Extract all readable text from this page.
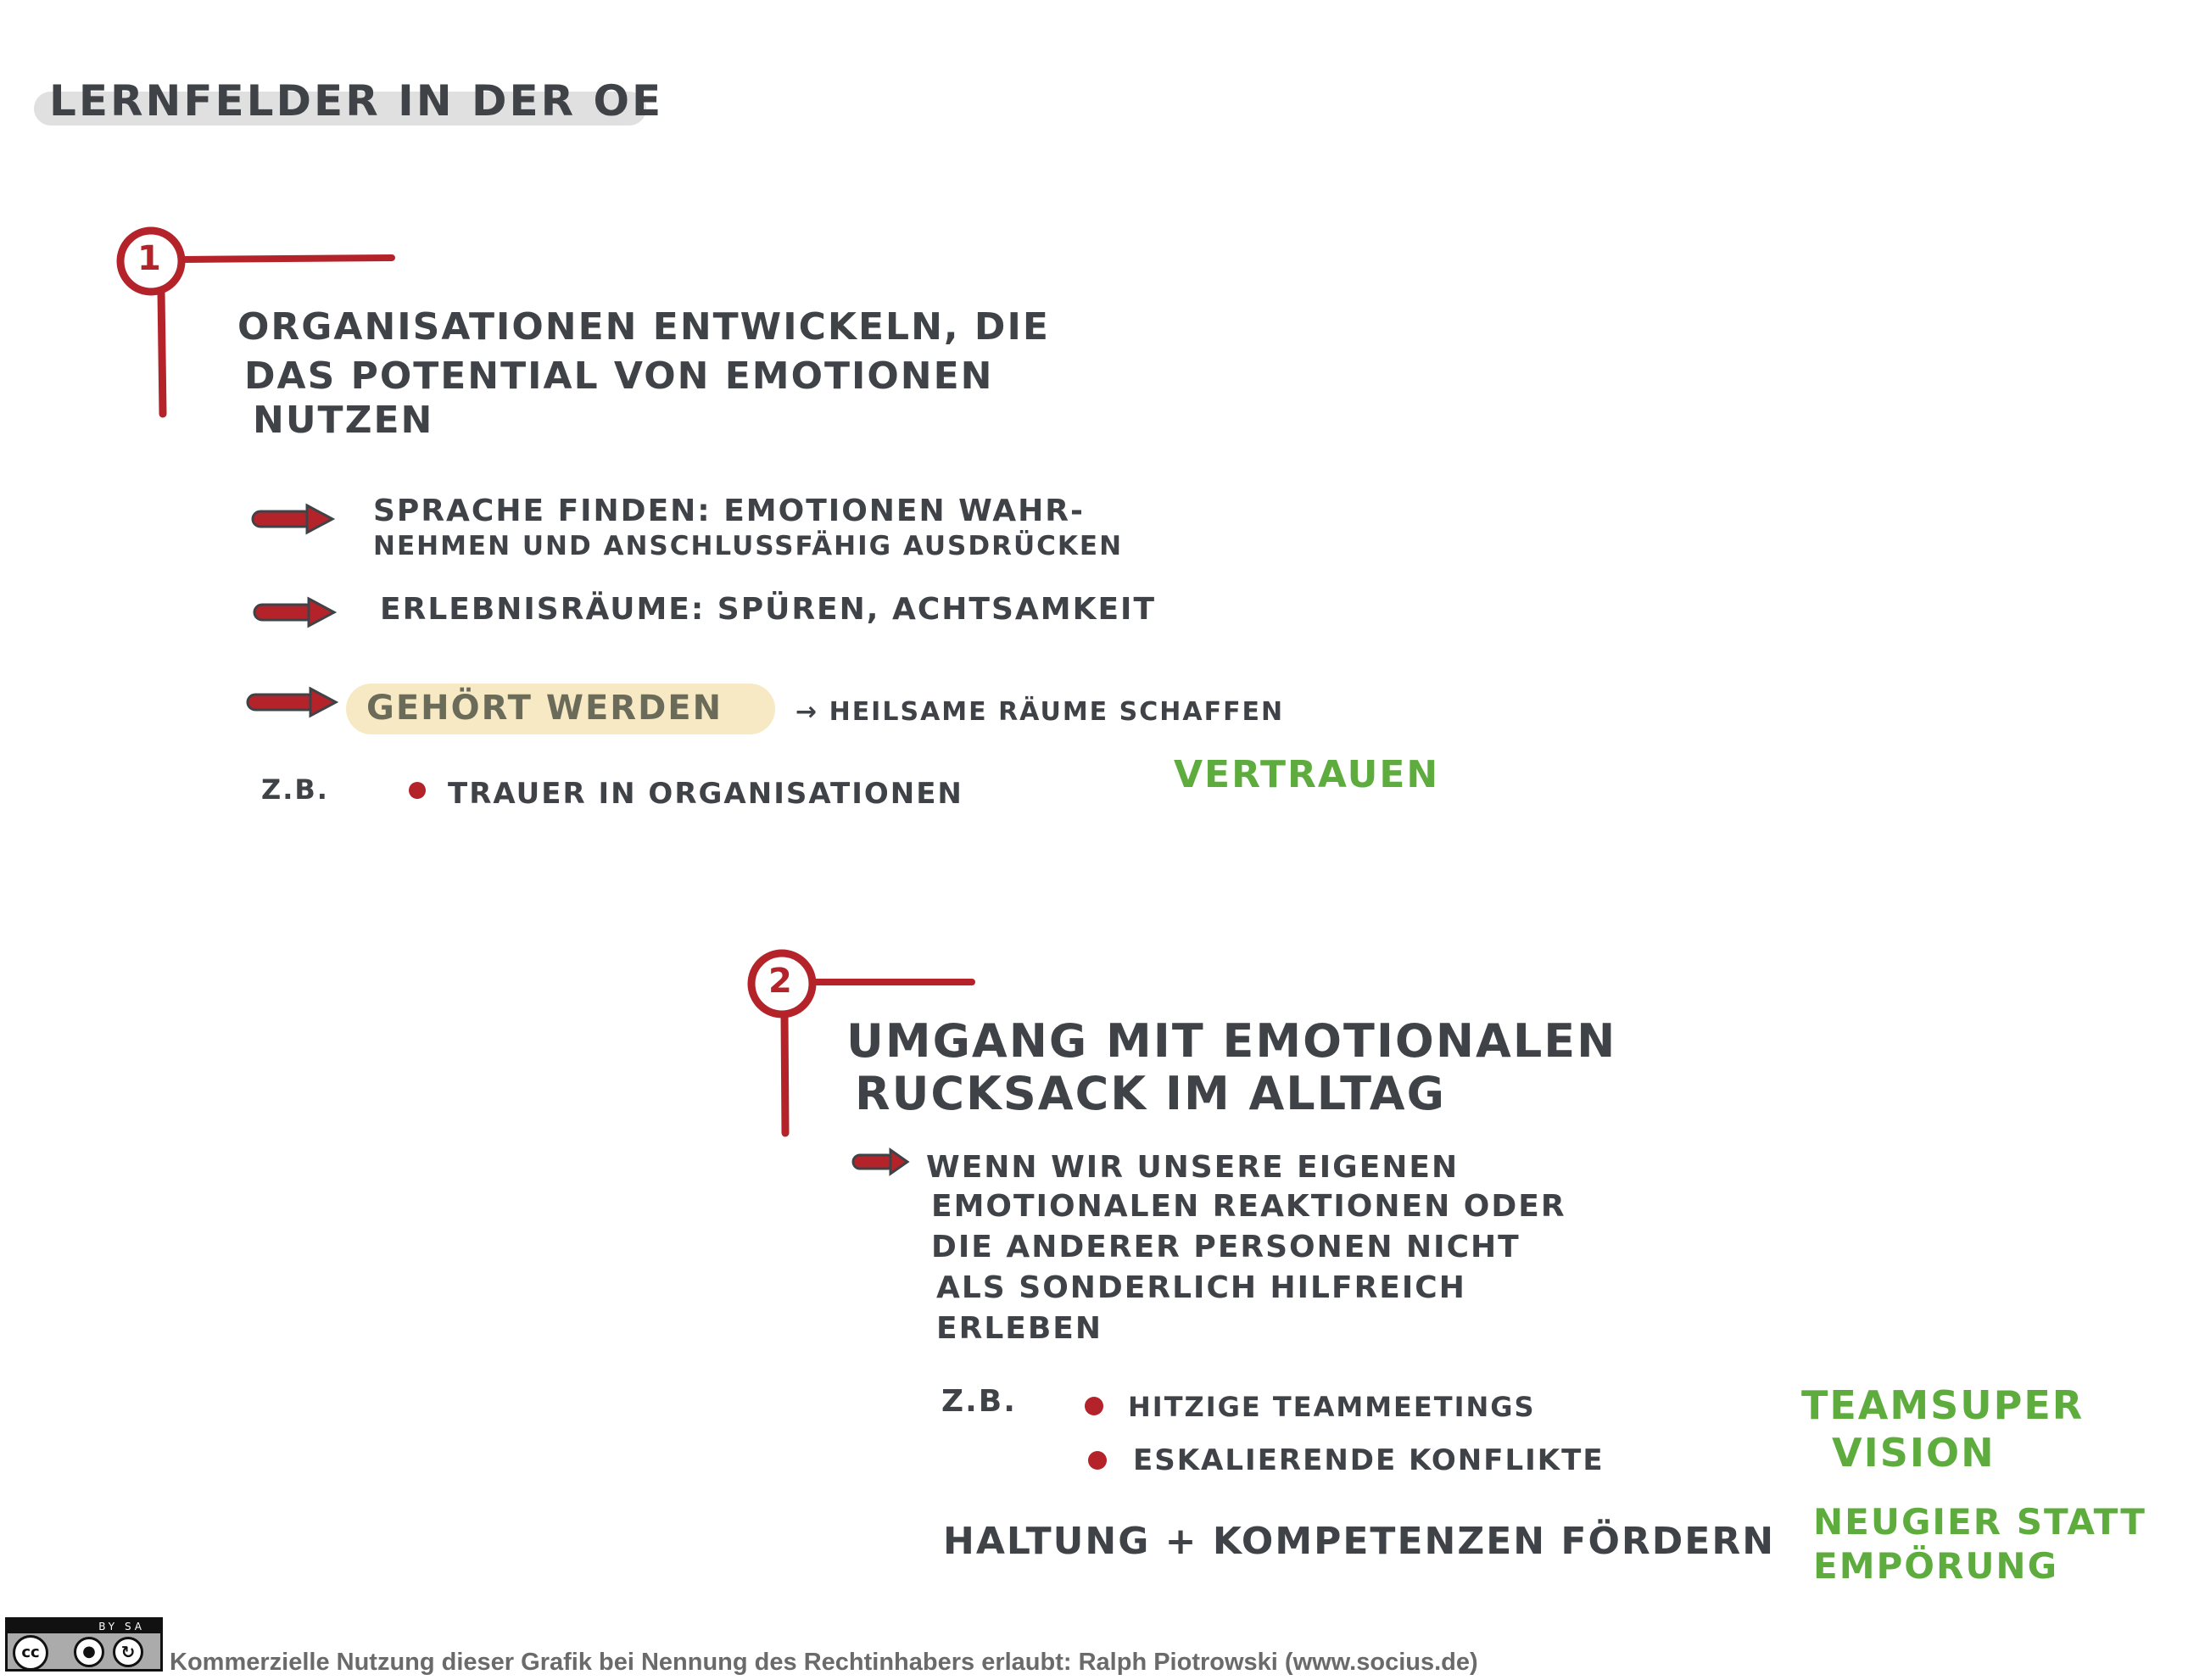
LERNFELDER IN DER OE
1
ORGANISATIONEN ENTWICKELN, DIE
DAS POTENTIAL VON EMOTIONEN
NUTZEN
SPRACHE FINDEN: EMOTIONEN WAHR-
NEHMEN UND ANSCHLUSSFÄHIG AUSDRÜCKEN
ERLEBNISRÄUME: SPÜREN, ACHTSAMKEIT
GEHÖRT WERDEN	→ HEILSAME RÄUME SCHAFFEN
Z.B.	TRAUER IN ORGANISATIONEN	VERTRAUEN
2
UMGANG MIT EMOTIONALEN
RUCKSACK IM ALLTAG
WENN WIR UNSERE EIGENEN
EMOTIONALEN REAKTIONEN ODER
DIE ANDERER PERSONEN NICHT
ALS SONDERLICH HILFREICH
ERLEBEN
Z.B.	HITZIGE TEAMMEETINGS
ESKALIERENDE KONFLIKTE
TEAMSUPER
VISION
HALTUNG + KOMPETENZEN FÖRDERN NEUGIER STATT
EMPÖRUNG
BY SA
cc	●	↻	Kommerzielle Nutzung dieser Grafik bei Nennung des Rechtinhabers erlaubt: Ralph Piotrowski (www.socius.de)
